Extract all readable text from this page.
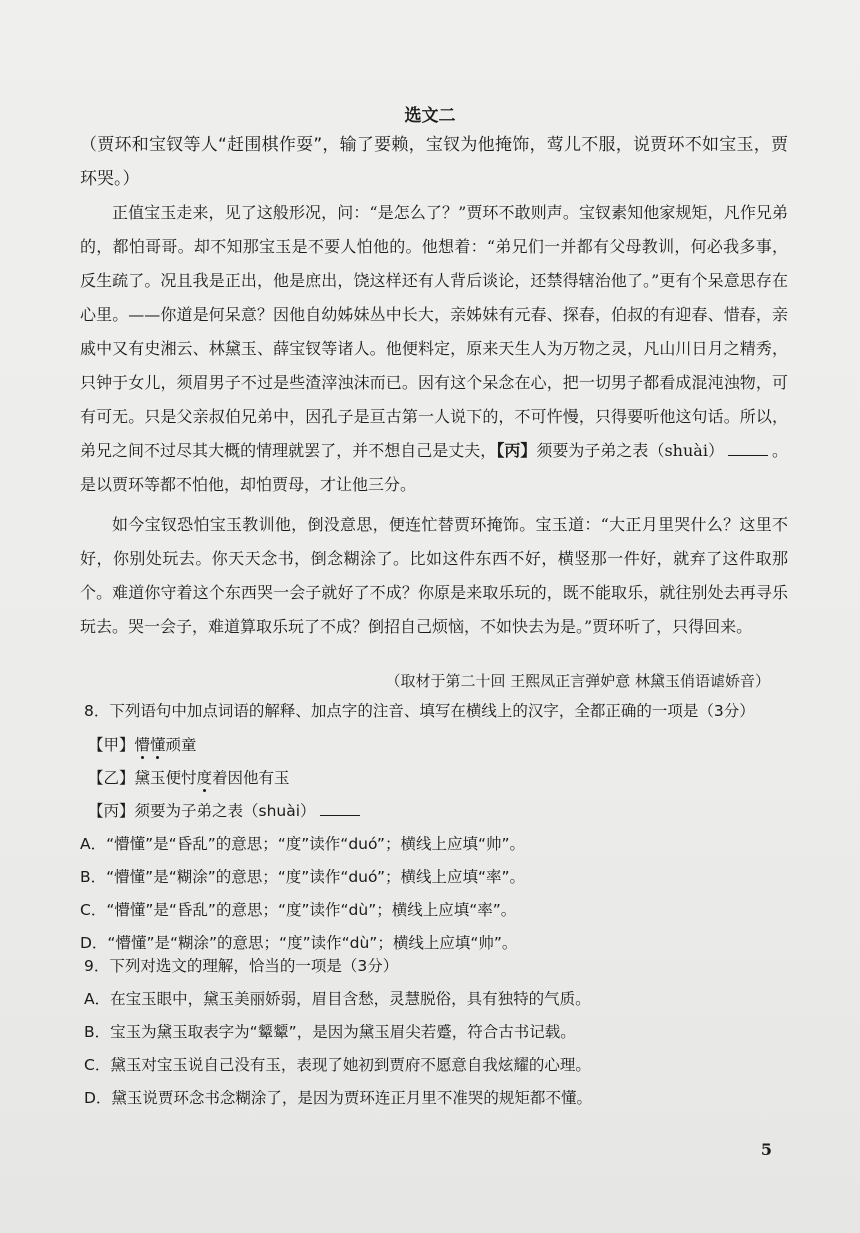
选文二
（贾环和宝钗等人“赶围棋作耍”，输了要赖，宝钗为他掩饰，莺儿不服，说贾环不如宝玉，贾环哭。）
正值宝玉走来，见了这般形况，问：“是怎么了？”贾环不敢则声。宝钗素知他家规矩，凡作兄弟的，都怕哥哥。却不知那宝玉是不要人怕他的。他想着：“弟兄们一并都有父母教训，何必我多事，反生疏了。况且我是正出，他是庶出，饶这样还有人背后谈论，还禁得辖治他了。”更有个呆意思存在心里。——你道是何呆意？因他自幼姊妹丛中长大，亲姊妹有元春、探春，伯叔的有迎春、惜春，亲戚中又有史湘云、林黛玉、薛宝钗等诸人。他便料定，原来天生人为万物之灵，凡山川日月之精秀，只钟于女儿，须眉男子不过是些渣滓浊沫而已。因有这个呆念在心，把一切男子都看成混沌浊物，可有可无。只是父亲叔伯兄弟中，因孔子是亘古第一人说下的，不可忤慢，只得要听他这句话。所以，弟兄之间不过尽其大概的情理就罢了，并不想自己是丈夫，【丙】须要为子弟之表（shuài）	。是以贾环等都不怕他，却怕贾母，才让他三分。
如今宝钗恐怕宝玉教训他，倒没意思，便连忙替贾环掩饰。宝玉道：“大正月里哭什么？这里不好，你别处玩去。你天天念书，倒念糊涂了。比如这件东西不好，横竖那一件好，就弃了这件取那个。难道你守着这个东西哭一会子就好了不成？你原是来取乐玩的，既不能取乐，就往别处去再寻乐玩去。哭一会子，难道算取乐玩了不成？倒招自己烦恼，不如快去为是。”贾环听了，只得回来。
（取材于第二十回 王熙凤正言弹妒意 林黛玉俏语谑娇音）
8．下列语句中加点词语的解释、加点字的注音、填写在横线上的汉字，全都正确的一项是（3分）
【甲】懵懂顽童
【乙】黛玉便忖度着因他有玉
【丙】须要为子弟之表（shuài）
A．“懵懂”是“昏乱”的意思；“度”读作“duó”；横线上应填“帅”。
B．“懵懂”是“糊涂”的意思；“度”读作“duó”；横线上应填“率”。
C．“懵懂”是“昏乱”的意思；“度”读作“dù”；横线上应填“率”。
D．“懵懂”是“糊涂”的意思；“度”读作“dù”；横线上应填“帅”。
9．下列对选文的理解，恰当的一项是（3分）
A．在宝玉眼中，黛玉美丽娇弱，眉目含愁，灵慧脱俗，具有独特的气质。
B．宝玉为黛玉取表字为“颦颦”，是因为黛玉眉尖若蹙，符合古书记载。
C．黛玉对宝玉说自己没有玉，表现了她初到贾府不愿意自我炫耀的心理。
D．黛玉说贾环念书念糊涂了，是因为贾环连正月里不准哭的规矩都不懂。
5
